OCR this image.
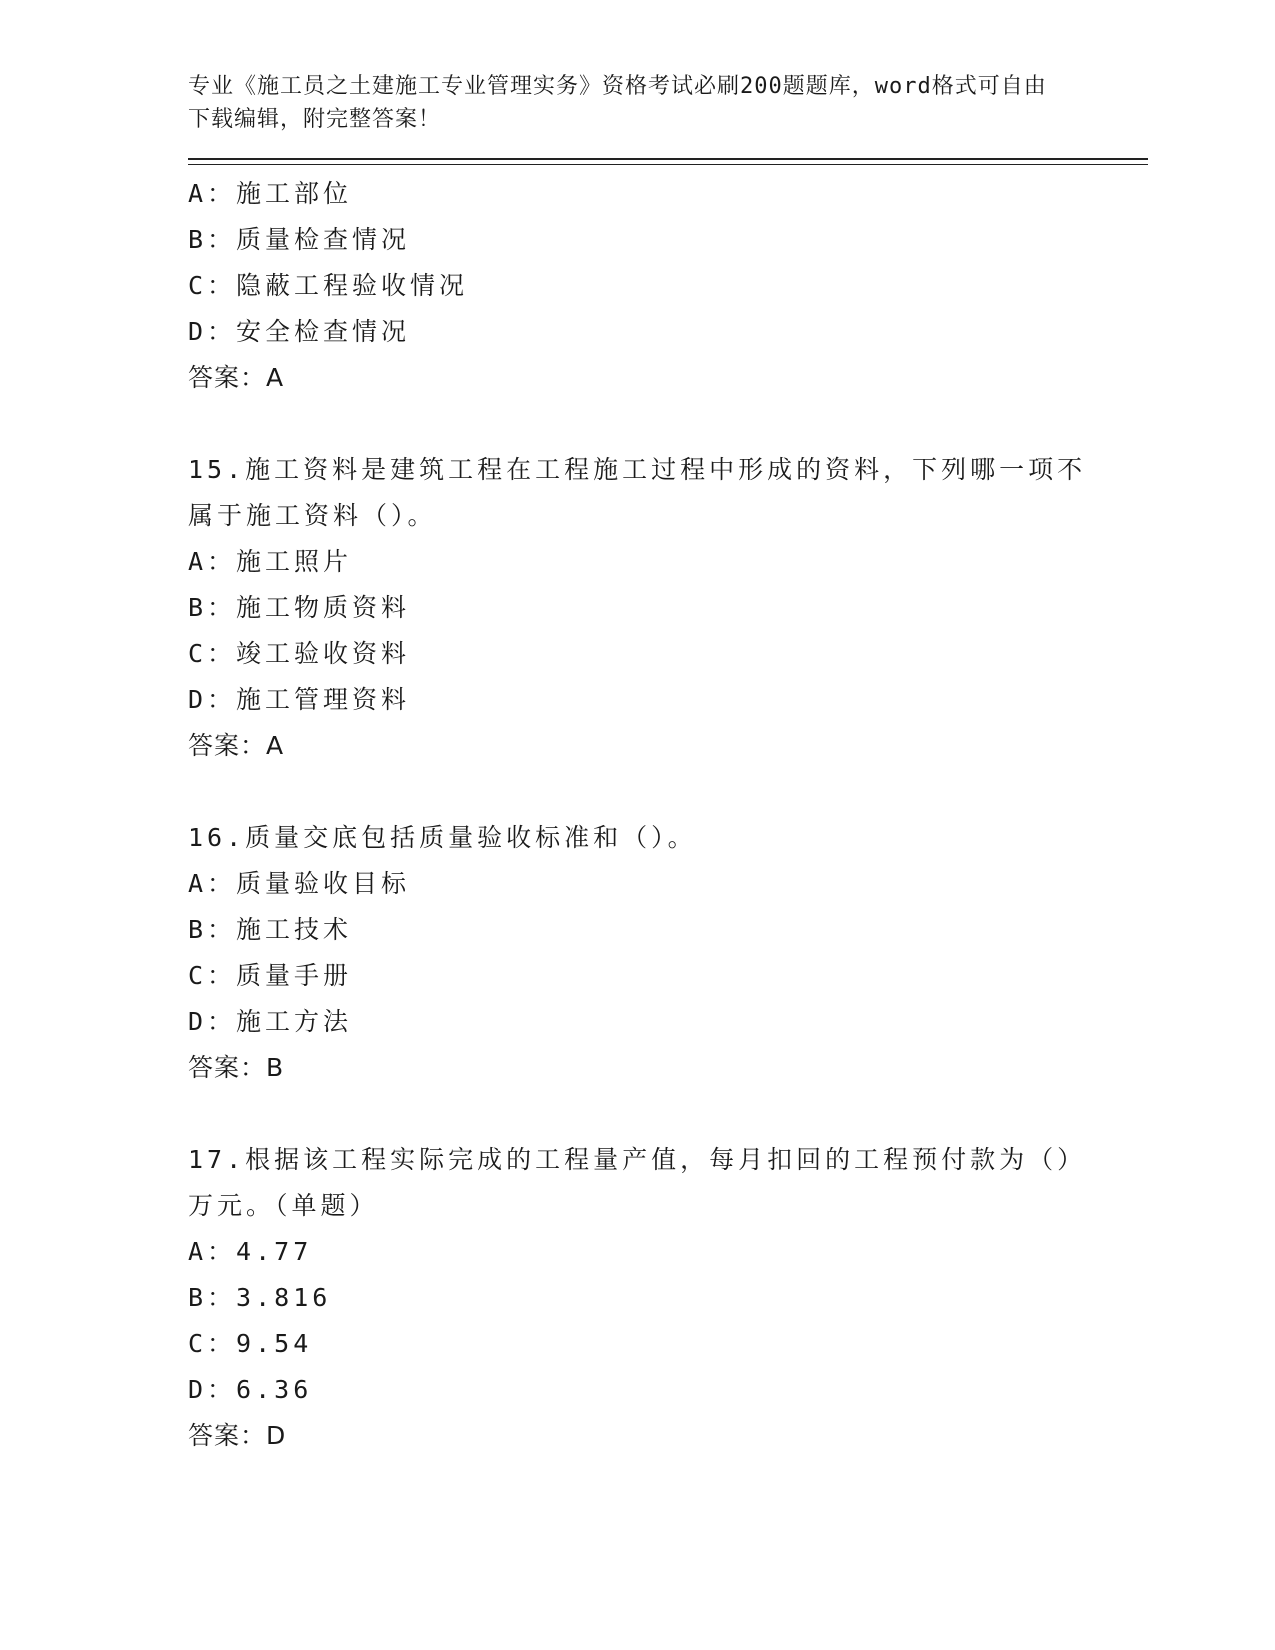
专业《施工员之土建施工专业管理实务》资格考试必刷200题题库，word格式可自由下载编辑，附完整答案！
A：施工部位
B：质量检查情况
C：隐蔽工程验收情况
D：安全检查情况
答案：A
15.施工资料是建筑工程在工程施工过程中形成的资料，下列哪一项不属于施工资料（）。
A：施工照片
B：施工物质资料
C：竣工验收资料
D：施工管理资料
答案：A
16.质量交底包括质量验收标准和（）。
A：质量验收目标
B：施工技术
C：质量手册
D：施工方法
答案：B
17.根据该工程实际完成的工程量产值，每月扣回的工程预付款为（）万元。（单题）
A：4.77
B：3.816
C：9.54
D：6.36
答案：D
